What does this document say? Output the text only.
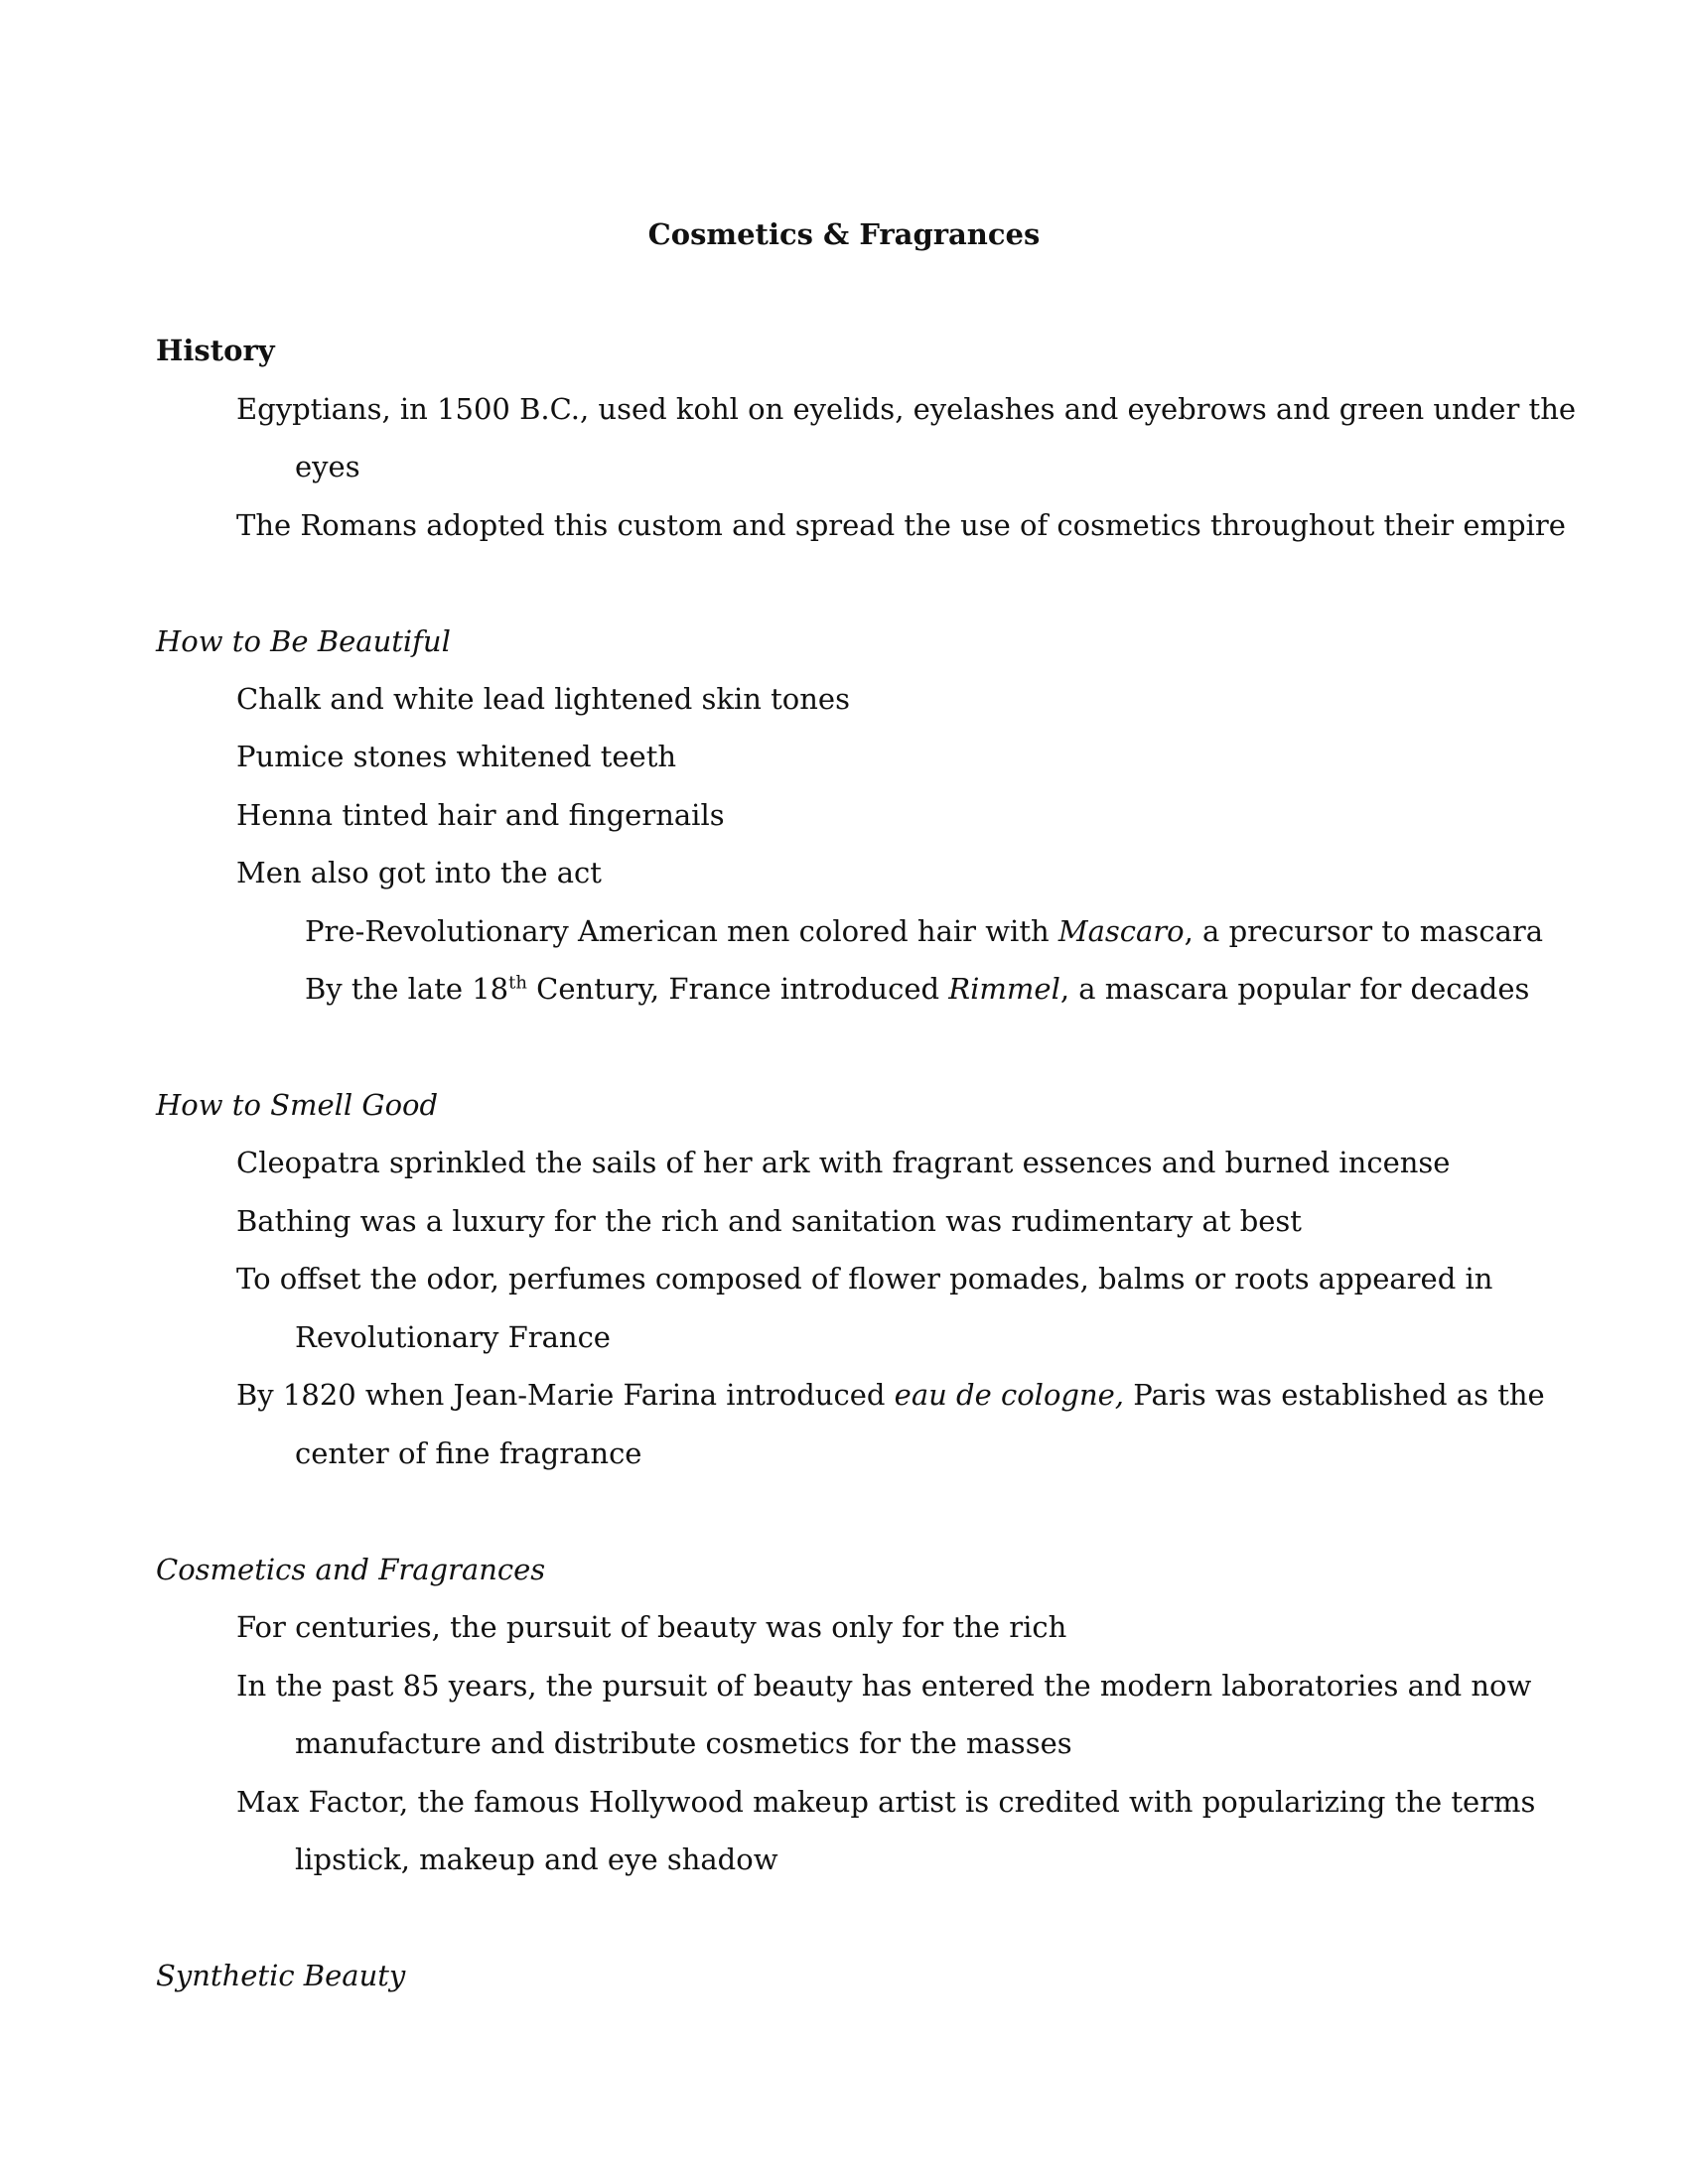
Cosmetics & Fragrances
History
Egyptians, in 1500 B.C., used kohl on eyelids, eyelashes and eyebrows and green under the
eyes
The Romans adopted this custom and spread the use of cosmetics throughout their empire
How to Be Beautiful
Chalk and white lead lightened skin tones
Pumice stones whitened teeth
Henna tinted hair and fingernails
Men also got into the act
Pre-Revolutionary American men colored hair with Mascaro, a precursor to mascara
By the late 18th Century, France introduced Rimmel, a mascara popular for decades
How to Smell Good
Cleopatra sprinkled the sails of her ark with fragrant essences and burned incense
Bathing was a luxury for the rich and sanitation was rudimentary at best
To offset the odor, perfumes composed of flower pomades, balms or roots appeared in
Revolutionary France
By 1820 when Jean-Marie Farina introduced eau de cologne, Paris was established as the
center of fine fragrance
Cosmetics and Fragrances
For centuries, the pursuit of beauty was only for the rich
In the past 85 years, the pursuit of beauty has entered the modern laboratories and now
manufacture and distribute cosmetics for the masses
Max Factor, the famous Hollywood makeup artist is credited with popularizing the terms
lipstick, makeup and eye shadow
Synthetic Beauty
